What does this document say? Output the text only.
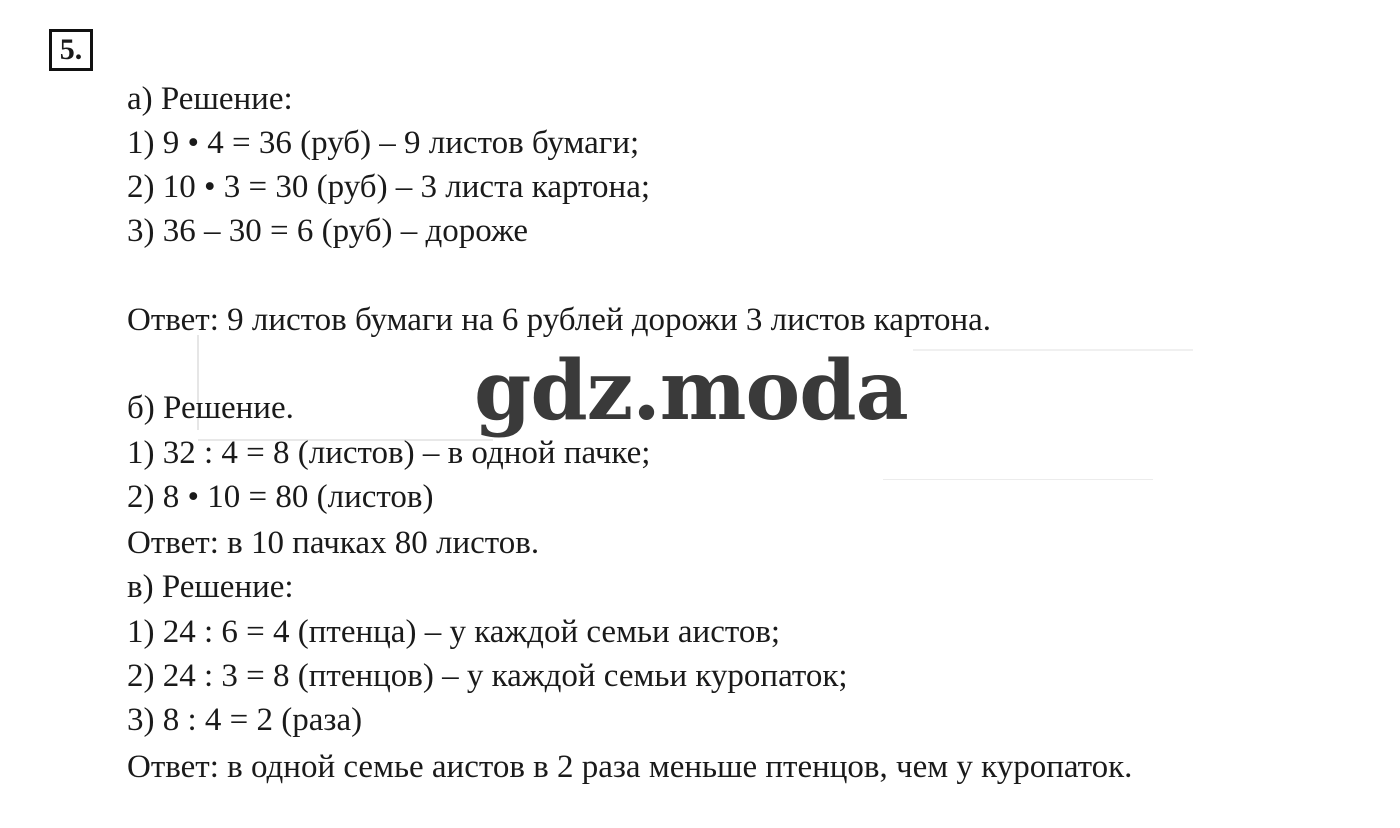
5.
а) Решение:
1) 9 • 4 = 36 (руб) – 9 листов бумаги;
2) 10 • 3 = 30 (руб) – 3 листа картона;
3) 36 – 30 = 6 (руб) – дороже
Ответ: 9 листов бумаги на 6 рублей дорожи 3 листов картона.
б) Решение.
1) 32 : 4 = 8 (листов) – в одной пачке;
2) 8 • 10 = 80 (листов)
Ответ: в 10 пачках 80 листов.
в) Решение:
1) 24 : 6 = 4 (птенца) – у каждой семьи аистов;
2) 24 : 3 = 8 (птенцов) – у каждой семьи куропаток;
3) 8 : 4 = 2 (раза)
Ответ: в одной семье аистов в 2 раза меньше птенцов, чем у куропаток.
gdz.moda
